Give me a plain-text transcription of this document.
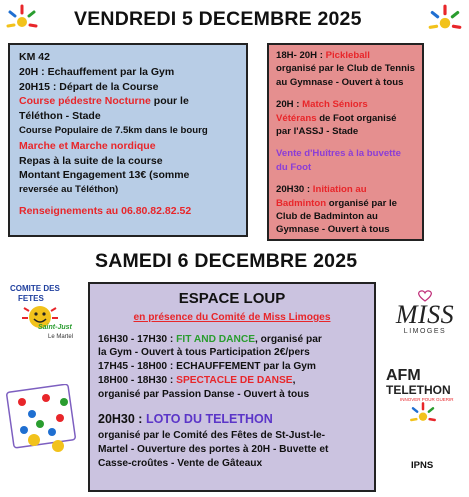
VENDREDI 5 DECEMBRE 2025
SAMEDI 6 DECEMBRE 2025
KM 42
20H : Echauffement par la Gym
20H15 : Départ de la Course
Course pédestre Nocturne pour le
Téléthon - Stade
Course Populaire de 7.5km dans le bourg
Marche et Marche nordique
Repas à la suite de la course
Montant Engagement 13€ (somme
reversée au Téléthon)
Renseignements au 06.80.82.82.52
18H- 20H : Pickleball
organisé par le Club de Tennis
au Gymnase - Ouvert à tous
20H : Match Séniors
Vétérans de Foot organisé
par l'ASSJ - Stade
Vente d'Huîtres à la buvette
du Foot
20H30 : Initiation au
Badminton organisé par le
Club de Badminton au
Gymnase - Ouvert à tous
ESPACE LOUP
en présence du Comité de Miss Limoges
16H30 - 17H30 : FIT AND DANCE, organisé par
la Gym - Ouvert à tous Participation 2€/pers
17H45 - 18H00 : ECHAUFFEMENT par la Gym
18H00 - 18H30 : SPECTACLE DE DANSE,
organisé par Passion Danse - Ouvert à tous
20H30 : LOTO DU TELETHON
organisé par le Comité des Fêtes de St-Just-le-
Martel - Ouverture des portes à 20H - Buvette et
Casse-croûtes - Vente de Gâteaux
COMITE DES
FETES
Saint-Just
Le Martel
MISS
LIMOGES
AFM
TELETHON
INNOVER POUR GUERIR
IPNS
